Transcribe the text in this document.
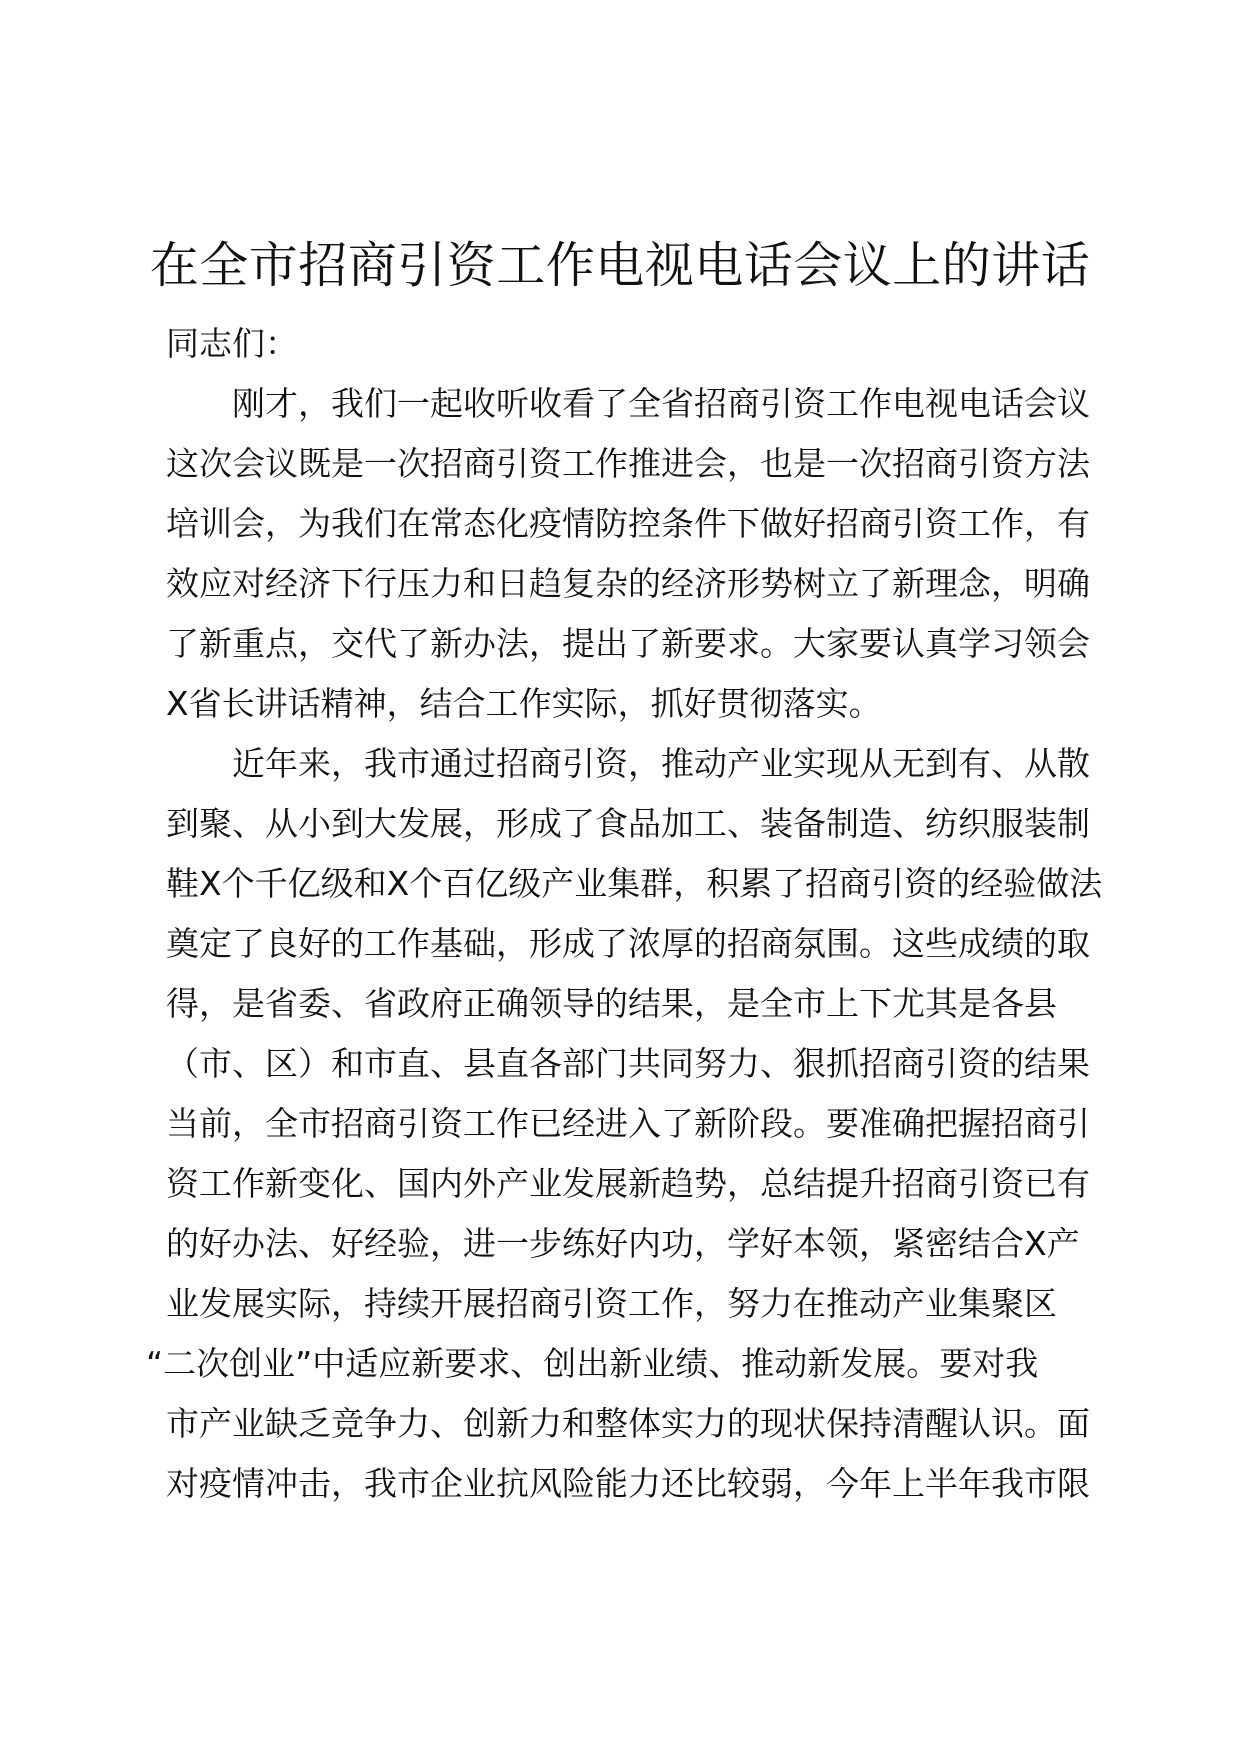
在全市招商引资工作电视电话会议上的讲话
同志们：
刚才，我们一起收听收看了全省招商引资工作电视电话会议
这次会议既是一次招商引资工作推进会，也是一次招商引资方法
培训会，为我们在常态化疫情防控条件下做好招商引资工作，有
效应对经济下行压力和日趋复杂的经济形势树立了新理念，明确
了新重点，交代了新办法，提出了新要求。大家要认真学习领会
X省长讲话精神，结合工作实际，抓好贯彻落实。
近年来，我市通过招商引资，推动产业实现从无到有、从散
到聚、从小到大发展，形成了食品加工、装备制造、纺织服装制
鞋X个千亿级和X个百亿级产业集群，积累了招商引资的经验做法
奠定了良好的工作基础，形成了浓厚的招商氛围。这些成绩的取
得，是省委、省政府正确领导的结果，是全市上下尤其是各县
（市、区）和市直、县直各部门共同努力、狠抓招商引资的结果
当前，全市招商引资工作已经进入了新阶段。要准确把握招商引
资工作新变化、国内外产业发展新趋势，总结提升招商引资已有
的好办法、好经验，进一步练好内功，学好本领，紧密结合X产
业发展实际，持续开展招商引资工作，努力在推动产业集聚区
“二次创业”中适应新要求、创出新业绩、推动新发展。要对我
市产业缺乏竞争力、创新力和整体实力的现状保持清醒认识。面
对疫情冲击，我市企业抗风险能力还比较弱，今年上半年我市限
